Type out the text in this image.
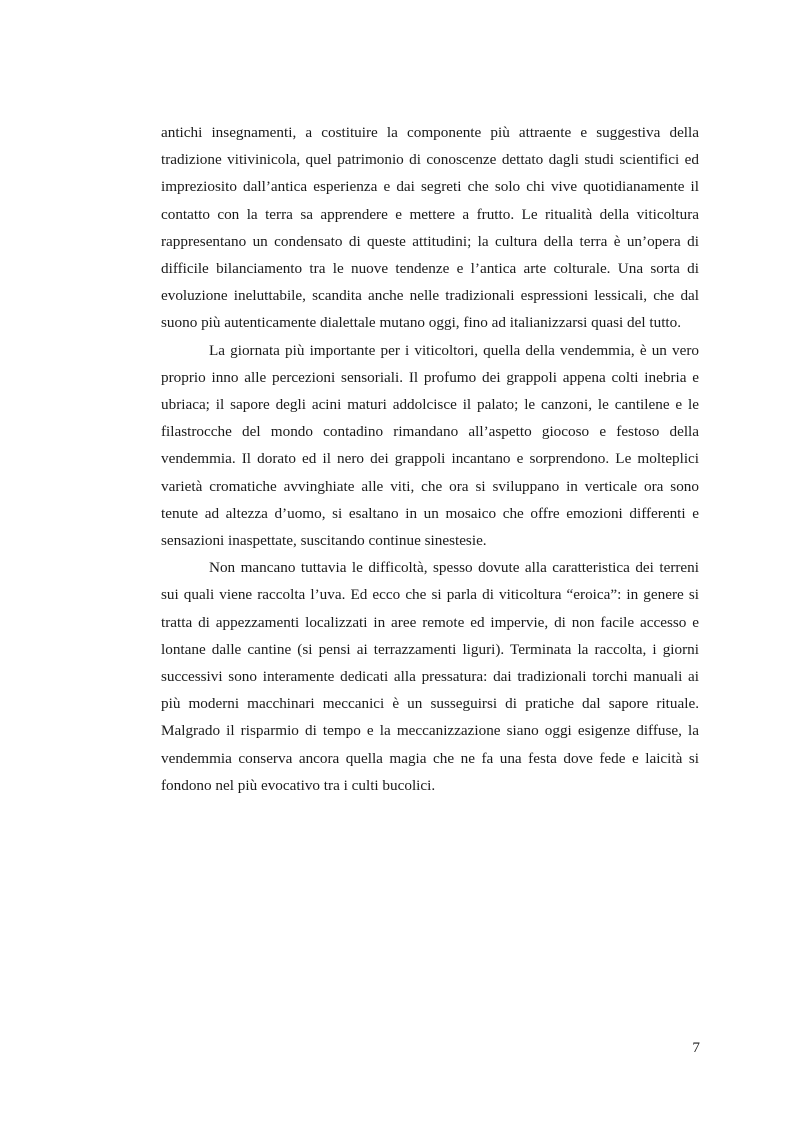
antichi insegnamenti, a costituire la componente più attraente e suggestiva della tradizione vitivinicola, quel patrimonio di conoscenze dettato dagli studi scientifici ed impreziosito dall’antica esperienza e dai segreti che solo chi vive quotidianamente il contatto con la terra sa apprendere e mettere a frutto. Le ritualità della viticoltura rappresentano un condensato di queste attitudini; la cultura della terra è un’opera di difficile bilanciamento tra le nuove tendenze e l’antica arte colturale. Una sorta di evoluzione ineluttabile, scandita anche nelle tradizionali espressioni lessicali, che dal suono più autenticamente dialettale mutano oggi, fino ad italianizzarsi quasi del tutto.

La giornata più importante per i viticoltori, quella della vendemmia, è un vero proprio inno alle percezioni sensoriali. Il profumo dei grappoli appena colti inebria e ubriaca; il sapore degli acini maturi addolcisce il palato; le canzoni, le cantilene e le filastrocche del mondo contadino rimandano all’aspetto giocoso e festoso della vendemmia. Il dorato ed il nero dei grappoli incantano e sorprendono. Le molteplici varietà cromatiche avvinghiate alle viti, che ora si sviluppano in verticale ora sono tenute ad altezza d’uomo, si esaltano in un mosaico che offre emozioni differenti e sensazioni inaspettate, suscitando continue sinestesie.

Non mancano tuttavia le difficoltà, spesso dovute alla caratteristica dei terreni sui quali viene raccolta l’uva. Ed ecco che si parla di viticoltura “eroica”: in genere si tratta di appezzamenti localizzati in aree remote ed impervie, di non facile accesso e lontane dalle cantine (si pensi ai terrazzamenti liguri). Terminata la raccolta, i giorni successivi sono interamente dedicati alla pressatura: dai tradizionali torchi manuali ai più moderni macchinari meccanici è un susseguirsi di pratiche dal sapore rituale. Malgrado il risparmio di tempo e la meccanizzazione siano oggi esigenze diffuse, la vendemmia conserva ancora quella magia che ne fa una festa dove fede e laicità si fondono nel più evocativo tra i culti bucolici.

7
